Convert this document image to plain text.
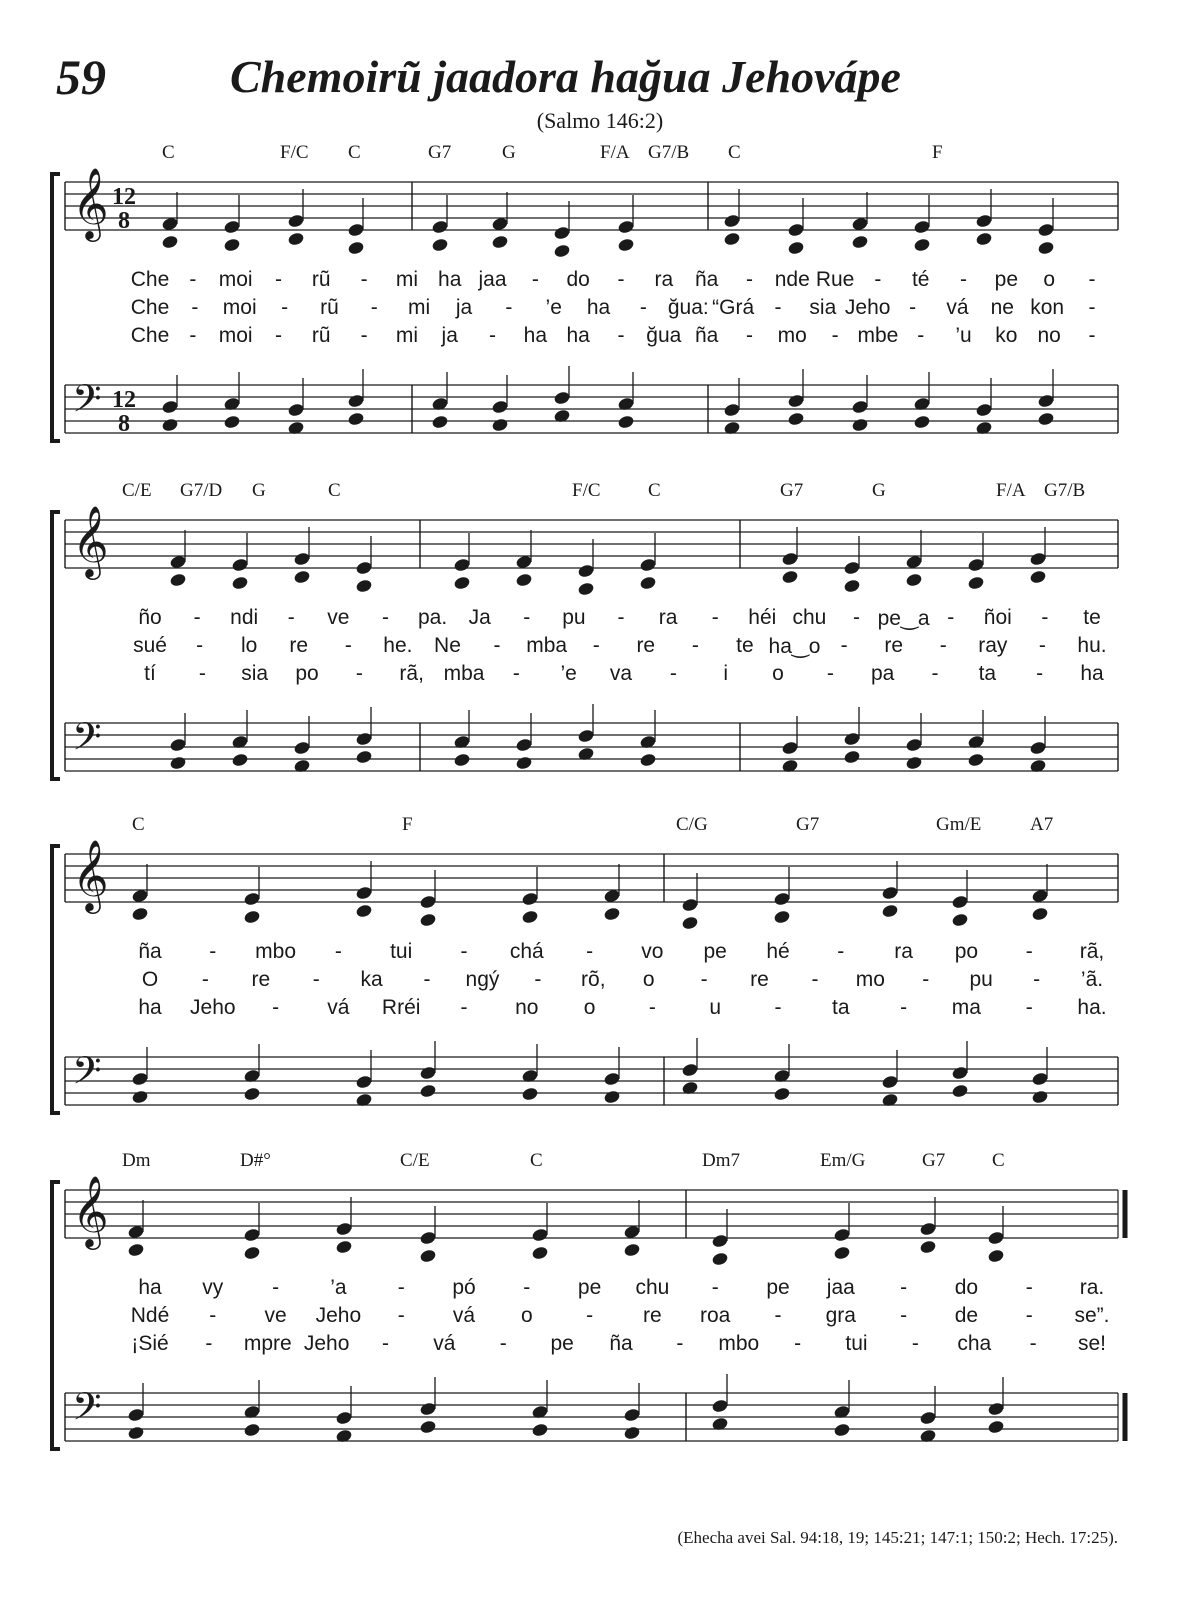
59	Chemoirũ jaadora hağua Jehovápe
(Salmo 146:2)
𝄞 12
8
𝄢 12
8
C	F/C C	G7	G	F/A G7/B C	F
Che - moi - rũ - mi ha jaa - do - ra ña - nde Rue - té - pe o -
Che - moi - rũ - mi ja - ’e ha - ğua: “Grá - sia Jeho - vá ne kon -
Che - moi - rũ - mi ja - ha ha - ğua ña - mo - mbe - ’u ko no -
𝄞
𝄢
C/E G7/D G	C	F/C C	G7	G	F/A G7/B
ño - ndi - ve - pa. Ja - pu - ra - héi chu - pe‿a - ñoi - te
sué - lo re - he. Ne - mba - re - te ha‿o - re - ray - hu.
tí - sia po - rã, mba - ’e va - i o - pa - ta - ha
𝄞
𝄢
C	F	C/G	G7	Gm/E	A7
ña - mbo - tui - chá - vo pe hé - ra po - rã,
O - re - ka - ngý - rõ, o - re - mo - pu - ’ã.
ha Jeho - vá Rréi - no o	-	u	- ta - ma - ha.
𝄞
𝄢
Dm	D#°	C/E	C	Dm7	Em/G	G7 C
ha vy - ’a - pó - pe chu - pe jaa - do - ra.
Ndé - ve Jeho - vá o	- re roa - gra - de - se”.
¡Sié - mpre Jeho - vá - pe ña - mbo - tui - cha - se!
(Ehecha avei Sal. 94:18, 19; 145:21; 147:1; 150:2; Hech. 17:25).
